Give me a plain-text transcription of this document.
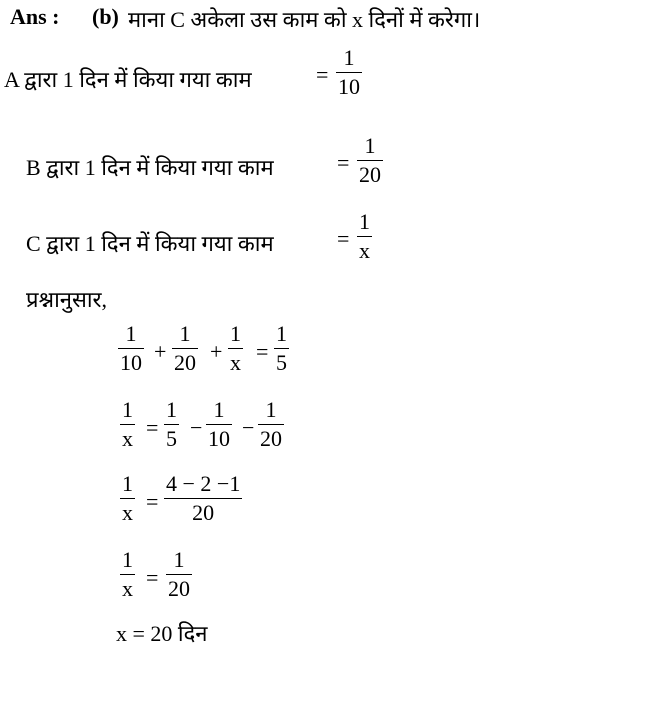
Ans : (b) माना C अकेला उस काम को x दिनों में करेगा।
A द्वारा 1 दिन में किया गया काम	= $\frac{1}{10}$
B द्वारा 1 दिन में किया गया काम	= $\frac{1}{20}$
C द्वारा 1 दिन में किया गया काम	= $\frac{1}{x}$
प्रश्नानुसार,
$\frac{1}{10} + \frac{1}{20} + \frac{1}{x} = \frac{1}{5}$
$\frac{1}{x} = \frac{1}{5} - \frac{1}{10} - \frac{1}{20}$
$\frac{1}{x} = \frac{4 - 2 -1}{20}$
$\frac{1}{x} = \frac{1}{20}$
x = 20 दिन
